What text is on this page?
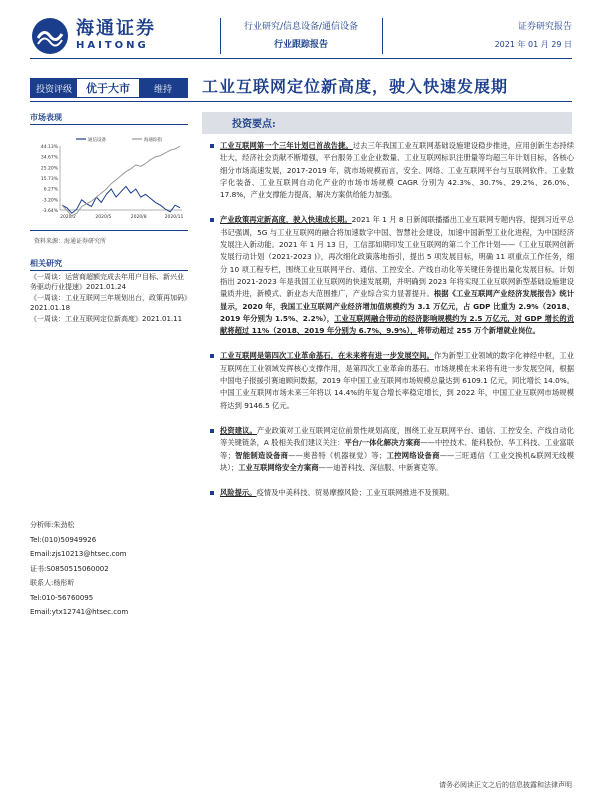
海通证券
HAITONG
行业研究/信息设备/通信设备
行业跟踪报告
证券研究报告
2021 年 01 月 29 日
投资评级	优于大市	维持	工业互联网定位新高度，驶入快速发展期
投资要点:
市场表现
44.13%
34.67%
25.20%
15.73%
6.27%
-3.20%
-3.64%
2020/2	2020/5	2020/8	2020/11
通信设备	海通综指
资料来源：海通证券研究所
相关研究

《一周谈：运营商超额完成去年用户目标、新兴业务驱动行业提速》2021.01.24

《一周谈：工业互联网三年规划出台，政策再加码》2021.01.18

《一周谈：工业互联网定位新高度》2021.01.11

分析师:朱劲松
Tel:(010)50949926
Email:zjs10213@htsec.com
证书:S0850515060002
联系人:杨彤昕
Tel:010-56760095
Email:ytx12741@htsec.com

工业互联网第一个三年计划已首战告捷。过去三年我国工业互联网基础设施建设稳步推进，应用创新生态持续壮大，经济社会贡献不断增强，平台服务工业企业数量、工业互联网标识注册量等均超三年计划目标，各核心细分市场高速发展，2017-2019 年，就市场规模而言，安全、网络、工业互联网平台与互联网软件、工业数字化装备、工业互联网自动化产业的市场市场规模 CAGR 分别为 42.3%、30.7%、29.2%、26.0%、17.8%，产业支撑能力提高，解决方案供给能力加强。

产业政策再定新高度，驶入快速成长期。2021 年 1 月 8 日新闻联播播出工业互联网专题内容，提到习近平总书记强调，5G 与工业互联网的融合将加速数字中国、智慧社会建设，加速中国新型工业化进程，为中国经济发展注入新动能。2021 年 1 月 13 日，工信部如期印发工业互联网的第二个工作计划——《工业互联网创新发展行动计划（2021-2023 )》，再次细化政策落地指引，提出 5 项发展目标，明确 11 项重点工作任务，细分 10 项工程专栏，围绕工业互联网平台、通信、工控安全、产线自动化等关键任务提出量化发展目标。计划指出 2021-2023 年是我国工业互联网的快速发展期，并明确到 2023 年将实现工业互联网新型基础设施建设量质并进，新模式、新业态大范围推广，产业综合实力显著提升。根据《工业互联网产业经济发展报告》统计显示，2020 年，我国工业互联网产业经济增加值规模约为 3.1 万亿元，占 GDP 比重为 2.9%（2018、2019 年分别为 1.5%、2.2%），工业互联网融合带动的经济影响规模约为 2.5 万亿元，对 GDP 增长的贡献将超过 11%（2018、2019 年分别为 6.7%、9.9%），将带动超过 255 万个新增就业岗位。

工业互联网是第四次工业革命基石，在未来将有进一步发展空间。作为新型工业领域的数字化神经中枢，工业互联网在工业领域发挥核心支撑作用，是第四次工业革命的基石。市场规模在未来将有进一步发展空间，根据中国电子报援引赛迪顾问数据，2019 年中国工业互联网市场规模总量达到 6109.1 亿元，同比增长 14.0%。中国工业互联网市场未来三年将以 14.4%的年复合增长率稳定增长，到 2022 年，中国工业互联网市场规模将达到 9146.5 亿元。

投资建议。产业政策对工业互联网定位前景性规划高度，围绕工业互联网平台、通信、工控安全、产线自动化等关键链条，A 股相关我们建议关注：平台/一体化解决方案商——中控技术、能科股份、华工科技、工业富联等；智能制造设备商——奥普特（机器视觉）等；工控网络设备商——三旺通信（工业交换机&联网无线模块）；工业互联网络安全方案商——迪普科技、深信服、中新赛克等。

风险提示。疫情及中美科技、贸易摩擦风险；工业互联网推进不及预期。

请务必阅读正文之后的信息披露和法律声明
